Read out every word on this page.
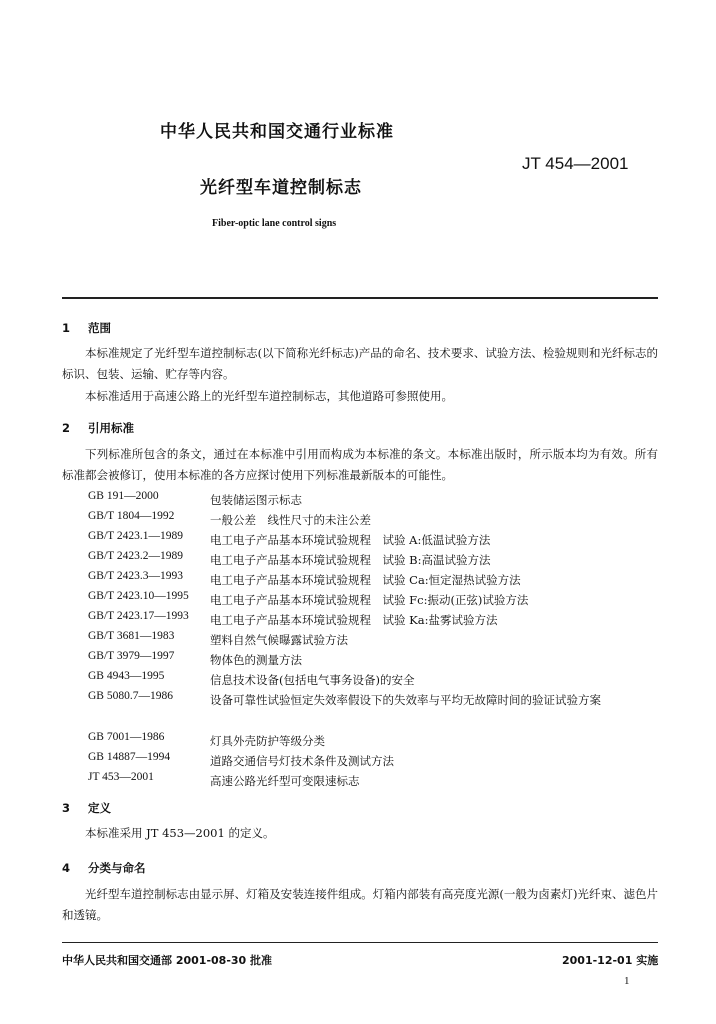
中华人民共和国交通行业标准
JT 454—2001
光纤型车道控制标志
Fiber-optic lane control signs
1 范围
本标准规定了光纤型车道控制标志(以下简称光纤标志)产品的命名、技术要求、试验方法、检验规则和光纤标志的标识、包装、运输、贮存等内容。
本标准适用于高速公路上的光纤型车道控制标志，其他道路可参照使用。
2 引用标准
下列标准所包含的条文，通过在本标准中引用而构成为本标准的条文。本标准出版时，所示版本均为有效。所有标准都会被修订，使用本标准的各方应探讨使用下列标准最新版本的可能性。
GB 191—2000	包装储运图示标志
GB/T 1804—1992	一般公差　线性尺寸的未注公差
GB/T 2423.1—1989 电工电子产品基本环境试验规程　试验 A:低温试验方法
GB/T 2423.2—1989 电工电子产品基本环境试验规程　试验 B:高温试验方法
GB/T 2423.3—1993 电工电子产品基本环境试验规程　试验 Ca:恒定湿热试验方法
GB/T 2423.10—1995 电工电子产品基本环境试验规程　试验 Fc:振动(正弦)试验方法
GB/T 2423.17—1993 电工电子产品基本环境试验规程　试验 Ka:盐雾试验方法
GB/T 3681—1983	塑料自然气候曝露试验方法
GB/T 3979—1997	物体色的测量方法
GB 4943—1995	信息技术设备(包括电气事务设备)的安全
GB 5080.7—1986	设备可靠性试验恒定失效率假设下的失效率与平均无故障时间的验证试验方案
GB 7001—1986	灯具外壳防护等级分类
GB 14887—1994	道路交通信号灯技术条件及测试方法
JT 453—2001	高速公路光纤型可变限速标志
3 定义
本标准采用 JT 453—2001 的定义。
4 分类与命名
光纤型车道控制标志由显示屏、灯箱及安装连接件组成。灯箱内部装有高亮度光源(一般为卤素灯)光纤束、滤色片和透镜。
中华人民共和国交通部 2001-08-30 批准	2001-12-01 实施
1
